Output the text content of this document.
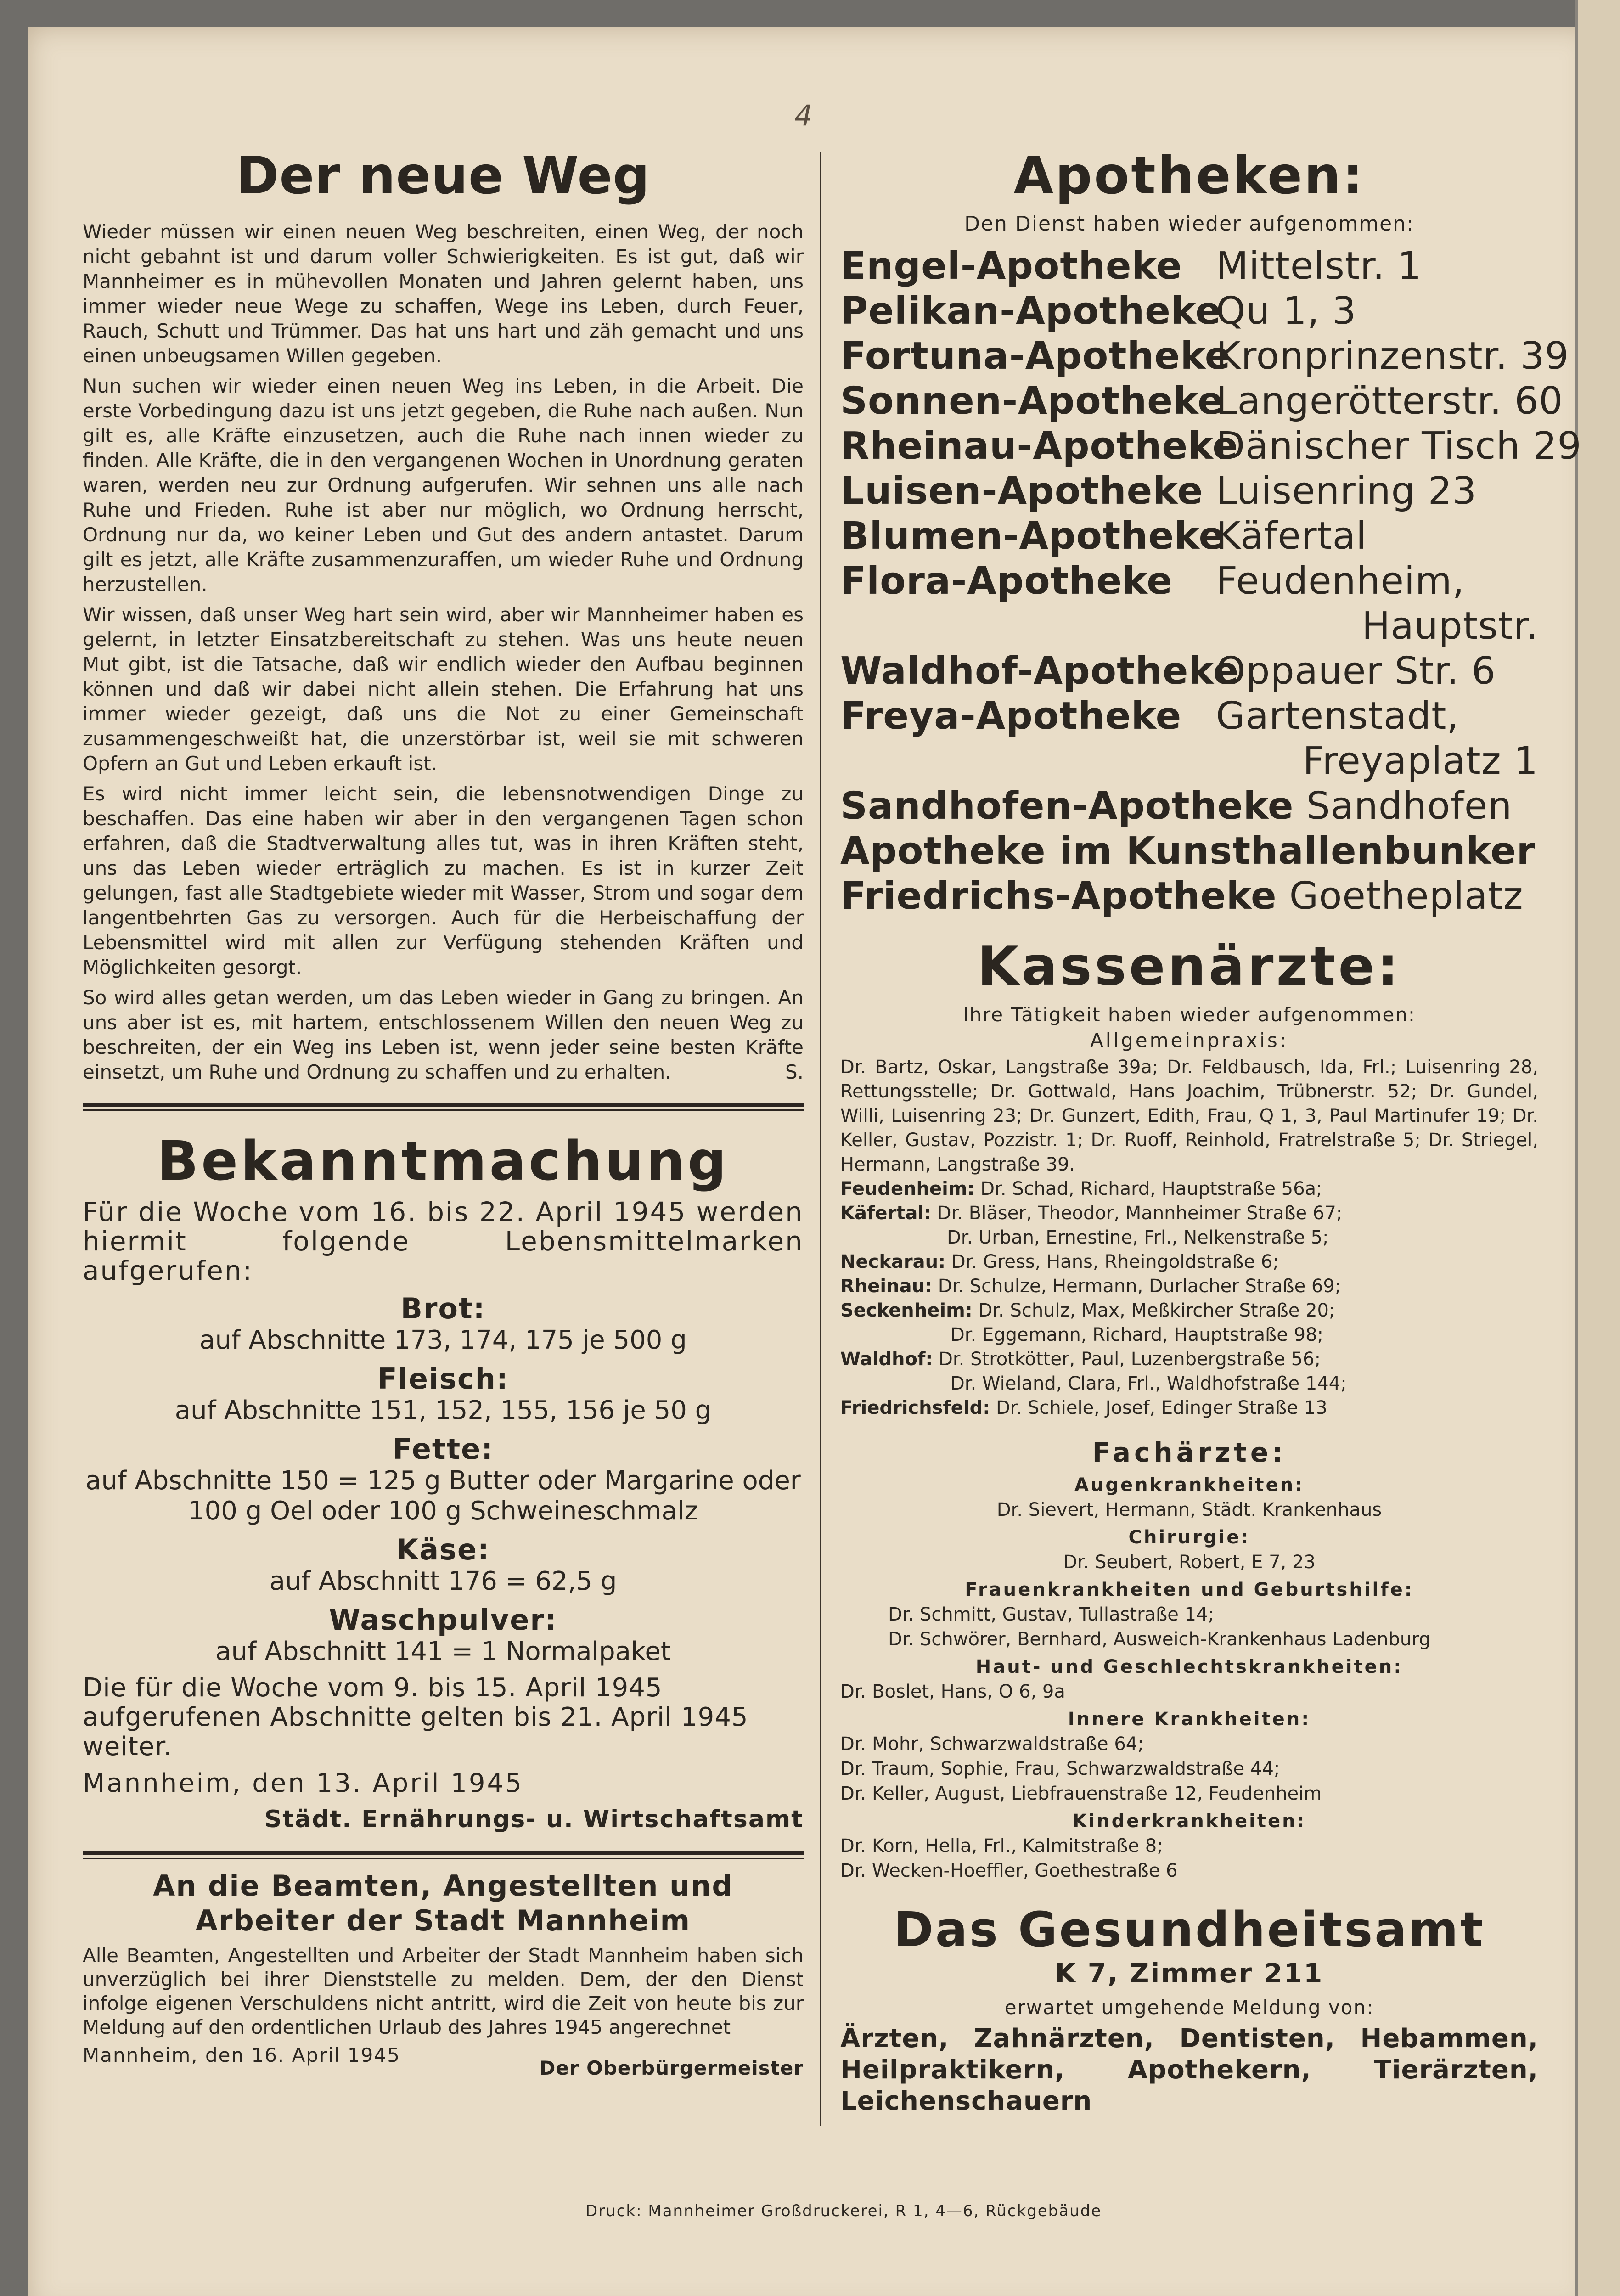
4
Der neue Weg

Wieder müssen wir einen neuen Weg beschreiten, einen Weg, der noch nicht gebahnt ist und darum voller Schwierigkeiten. Es ist gut, daß wir Mannheimer es in mühevollen Monaten und Jahren gelernt haben, uns immer wieder neue Wege zu schaffen, Wege ins Leben, durch Feuer, Rauch, Schutt und Trümmer. Das hat uns hart und zäh gemacht und uns einen unbeugsamen Willen gegeben.

Nun suchen wir wieder einen neuen Weg ins Leben, in die Arbeit. Die erste Vorbedingung dazu ist uns jetzt gegeben, die Ruhe nach außen. Nun gilt es, alle Kräfte einzusetzen, auch die Ruhe nach innen wieder zu finden. Alle Kräfte, die in den vergangenen Wochen in Unordnung geraten waren, werden neu zur Ordnung aufgerufen. Wir sehnen uns alle nach Ruhe und Frieden. Ruhe ist aber nur möglich, wo Ordnung herrscht, Ordnung nur da, wo keiner Leben und Gut des andern antastet. Darum gilt es jetzt, alle Kräfte zusammenzuraffen, um wieder Ruhe und Ordnung herzustellen.

Wir wissen, daß unser Weg hart sein wird, aber wir Mannheimer haben es gelernt, in letzter Einsatzbereitschaft zu stehen. Was uns heute neuen Mut gibt, ist die Tatsache, daß wir endlich wieder den Aufbau beginnen können und daß wir dabei nicht allein stehen. Die Erfahrung hat uns immer wieder gezeigt, daß uns die Not zu einer Gemeinschaft zusammengeschweißt hat, die unzerstörbar ist, weil sie mit schweren Opfern an Gut und Leben erkauft ist.

Es wird nicht immer leicht sein, die lebensnotwendigen Dinge zu beschaffen. Das eine haben wir aber in den vergangenen Tagen schon erfahren, daß die Stadtverwaltung alles tut, was in ihren Kräften steht, uns das Leben wieder erträglich zu machen. Es ist in kurzer Zeit gelungen, fast alle Stadtgebiete wieder mit Wasser, Strom und sogar dem langentbehrten Gas zu versorgen. Auch für die Herbeischaffung der Lebensmittel wird mit allen zur Verfügung stehenden Kräften und Möglichkeiten gesorgt.

So wird alles getan werden, um das Leben wieder in Gang zu bringen. An uns aber ist es, mit hartem, entschlossenem Willen den neuen Weg zu beschreiten, der ein Weg ins Leben ist, wenn jeder seine besten Kräfte einsetzt, um Ruhe und Ordnung zu schaffen und zu erhalten.	S.

Bekanntmachung

Für die Woche vom 16. bis 22. April 1945 werden hiermit folgende Lebensmittelmarken aufgerufen:

Brot:

auf Abschnitte 173, 174, 175 je 500 g

Fleisch:

auf Abschnitte 151, 152, 155, 156 je 50 g

Fette:

auf Abschnitte 150 = 125 g Butter oder Margarine oder 100 g Oel oder 100 g Schweineschmalz

Käse:

auf Abschnitt 176 = 62,5 g

Waschpulver:

auf Abschnitt 141 = 1 Normalpaket

Die für die Woche vom 9. bis 15. April 1945 aufgerufenen Abschnitte gelten bis 21. April 1945 weiter.

Mannheim, den 13. April 1945

Städt. Ernährungs- u. Wirtschaftsamt

An die Beamten, Angestellten und Arbeiter der Stadt Mannheim

Alle Beamten, Angestellten und Arbeiter der Stadt Mannheim haben sich unverzüglich bei ihrer Dienststelle zu melden. Dem, der den Dienst infolge eigenen Verschuldens nicht antritt, wird die Zeit von heute bis zur Meldung auf den ordentlichen Urlaub des Jahres 1945 angerechnet

Mannheim, den 16. April 1945
Der Oberbürgermeister
Apotheken:

Den Dienst haben wieder aufgenommen:

Engel-Apotheke Mittelstr. 1
Pelikan-Apotheke
Qu 1, 3
Fortuna-Apotheke
Kronprinzenstr. 39
Sonnen-Apotheke
Langerötterstr. 60
Rheinau-Apotheke
Dänischer Tisch 29
Luisen-Apotheke Luisenring 23
Blumen-Apotheke
Käfertal
Flora-Apotheke Feudenheim,
Hauptstr.
Waldhof-Apotheke
Oppauer Str. 6
Freya-Apotheke Gartenstadt,
Freyaplatz 1
Sandhofen-Apotheke Sandhofen
Apotheke im Kunsthallenbunker
Friedrichs-Apotheke Goetheplatz
Kassenärzte:

Ihre Tätigkeit haben wieder aufgenommen:

Allgemeinpraxis:

Dr. Bartz, Oskar, Langstraße 39a; Dr. Feldbausch, Ida, Frl.; Luisenring 28, Rettungsstelle; Dr. Gottwald, Hans Joachim, Trübnerstr. 52; Dr. Gundel, Willi, Luisenring 23; Dr. Gunzert, Edith, Frau, Q 1, 3, Paul Martinufer 19; Dr. Keller, Gustav, Pozzistr. 1; Dr. Ruoff, Reinhold, Fratrelstraße 5; Dr. Striegel, Hermann, Langstraße 39.

Feudenheim: Dr. Schad, Richard, Hauptstraße 56a;

Käfertal: Dr. Bläser, Theodor, Mannheimer Straße 67;

Dr. Urban, Ernestine, Frl., Nelkenstraße 5;

Neckarau: Dr. Gress, Hans, Rheingoldstraße 6;

Rheinau: Dr. Schulze, Hermann, Durlacher Straße 69;

Seckenheim: Dr. Schulz, Max, Meßkircher Straße 20;

Dr. Eggemann, Richard, Hauptstraße 98;

Waldhof: Dr. Strotkötter, Paul, Luzenbergstraße 56;

Dr. Wieland, Clara, Frl., Waldhofstraße 144;

Friedrichsfeld: Dr. Schiele, Josef, Edinger Straße 13

Fachärzte:

Augenkrankheiten:

Dr. Sievert, Hermann, Städt. Krankenhaus

Chirurgie:

Dr. Seubert, Robert, E 7, 23

Frauenkrankheiten und Geburtshilfe:

Dr. Schmitt, Gustav, Tullastraße 14;

Dr. Schwörer, Bernhard, Ausweich-Krankenhaus Ladenburg

Haut- und Geschlechtskrankheiten:

Dr. Boslet, Hans, O 6, 9a

Innere Krankheiten:

Dr. Mohr, Schwarzwaldstraße 64;

Dr. Traum, Sophie, Frau, Schwarzwaldstraße 44;

Dr. Keller, August, Liebfrauenstraße 12, Feudenheim

Kinderkrankheiten:

Dr. Korn, Hella, Frl., Kalmitstraße 8;

Dr. Wecken-Hoeffler, Goethestraße 6

Das Gesundheitsamt

K 7, Zimmer 211

erwartet umgehende Meldung von:

Ärzten, Zahnärzten, Dentisten, Hebammen, Heilpraktikern, Apothekern, Tierärzten, Leichenschauern

Druck: Mannheimer Großdruckerei, R 1, 4—6, Rückgebäude
